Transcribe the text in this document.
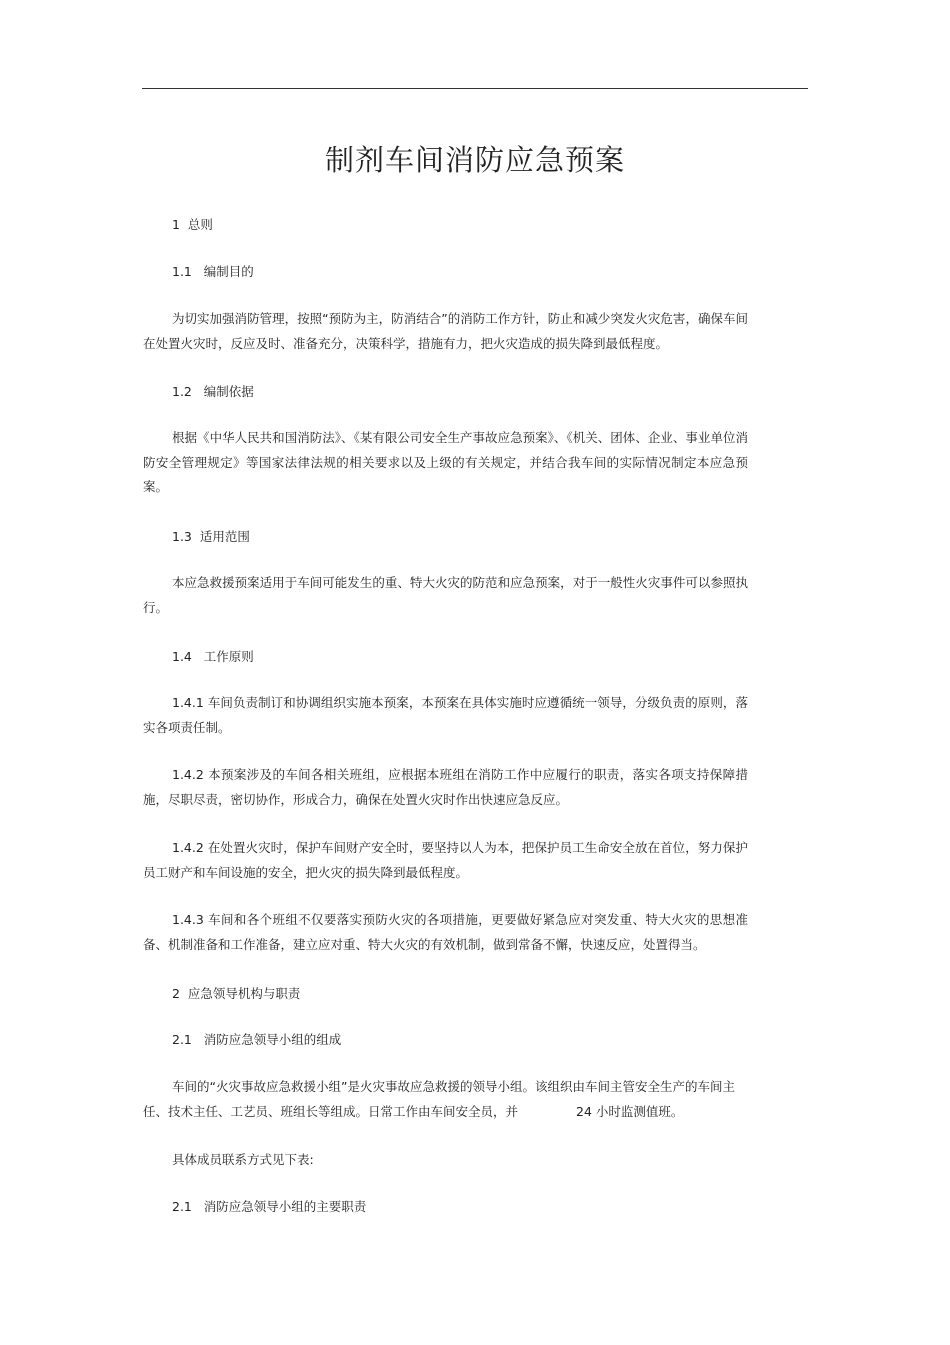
制剂车间消防应急预案
1  总则
1.1   编制目的

为切实加强消防管理，按照“预防为主，防消结合”的消防工作方针，防止和减少突发火灾危害，确保车间在处置火灾时，反应及时、准备充分，决策科学，措施有力，把火灾造成的损失降到最低程度。

1.2   编制依据

根据《中华人民共和国消防法》、《某有限公司安全生产事故应急预案》、《机关、团体、企业、事业单位消防安全管理规定》等国家法律法规的相关要求以及上级的有关规定，并结合我车间的实际情况制定本应急预案。

1.3  适用范围

本应急救援预案适用于车间可能发生的重、特大火灾的防范和应急预案，对于一般性火灾事件可以参照执行。

1.4   工作原则

1.4.1 车间负责制订和协调组织实施本预案，本预案在具体实施时应遵循统一领导，分级负责的原则，落实各项责任制。

1.4.2 本预案涉及的车间各相关班组，应根据本班组在消防工作中应履行的职责，落实各项支持保障措施，尽职尽责，密切协作，形成合力，确保在处置火灾时作出快速应急反应。

1.4.2 在处置火灾时，保护车间财产安全时，要坚持以人为本，把保护员工生命安全放在首位，努力保护员工财产和车间设施的安全，把火灾的损失降到最低程度。

1.4.3 车间和各个班组不仅要落实预防火灾的各项措施，更要做好紧急应对突发重、特大火灾的思想准备、机制准备和工作准备，建立应对重、特大火灾的有效机制，做到常备不懈，快速反应，处置得当。

2  应急领导机构与职责
2.1   消防应急领导小组的组成

车间的“火灾事故应急救援小组”是火灾事故应急救援的领导小组。该组织由车间主管安全生产的车间主任、技术主任、工艺员、班组长等组成。日常工作由车间安全员，并	24 小时监测值班。

具体成员联系方式见下表:
2.1   消防应急领导小组的主要职责
